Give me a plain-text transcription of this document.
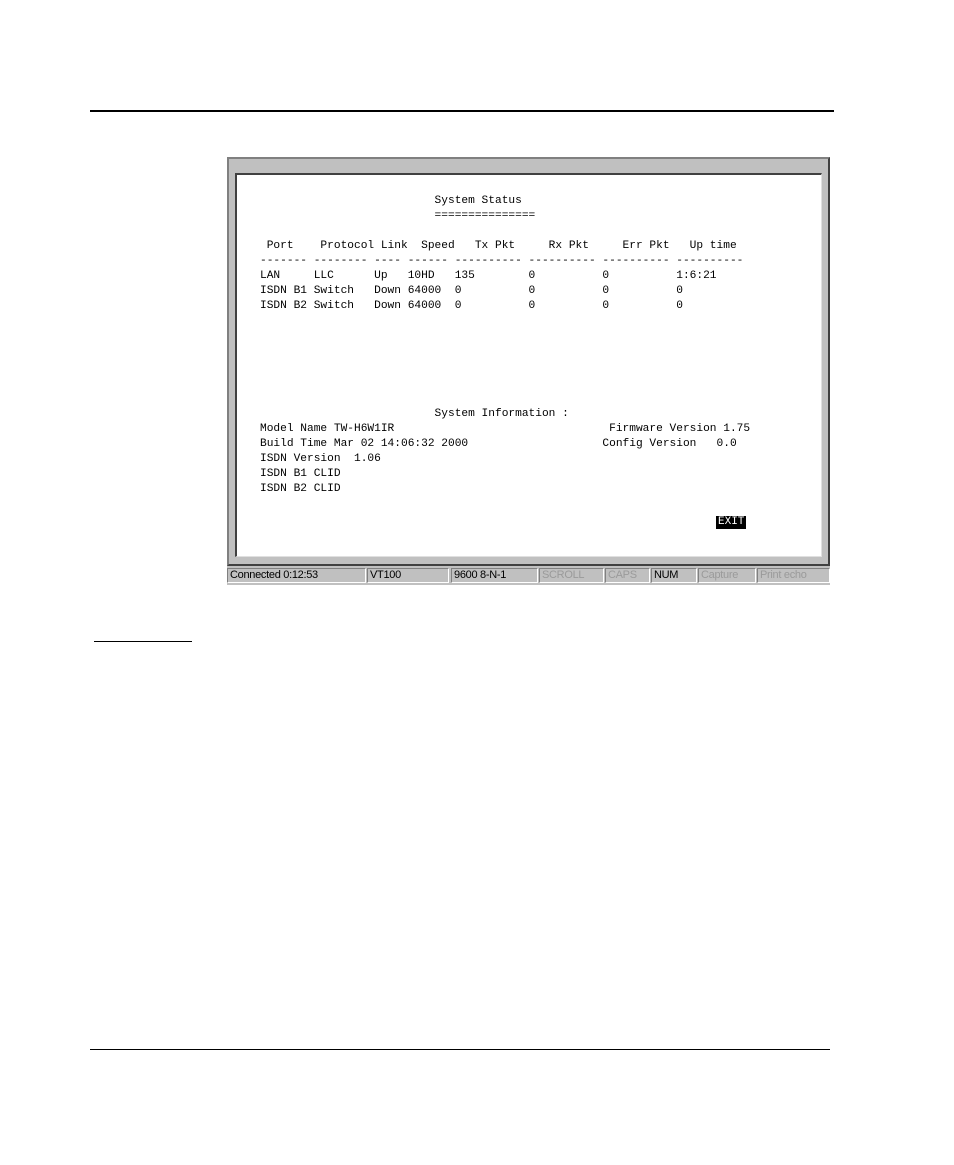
System Status
===============
Port    Protocol Link  Speed   Tx Pkt     Rx Pkt     Err Pkt   Up time
------- -------- ---- ------ ---------- ---------- ---------- ----------
LAN     LLC      Up   10HD   135        0          0          1:6:21
ISDN B1 Switch   Down 64000  0          0          0          0
ISDN B2 Switch   Down 64000  0          0          0          0
System Information :
Model Name TW-H6W1IR                                Firmware Version 1.75
Build Time Mar 02 14:06:32 2000                    Config Version   0.0
ISDN Version  1.06
ISDN B1 CLID
ISDN B2 CLID
EXIT
Connected 0:12:53	VT100	9600 8-N-1	SCROLL	CAPS	NUM	Capture	Print echo
